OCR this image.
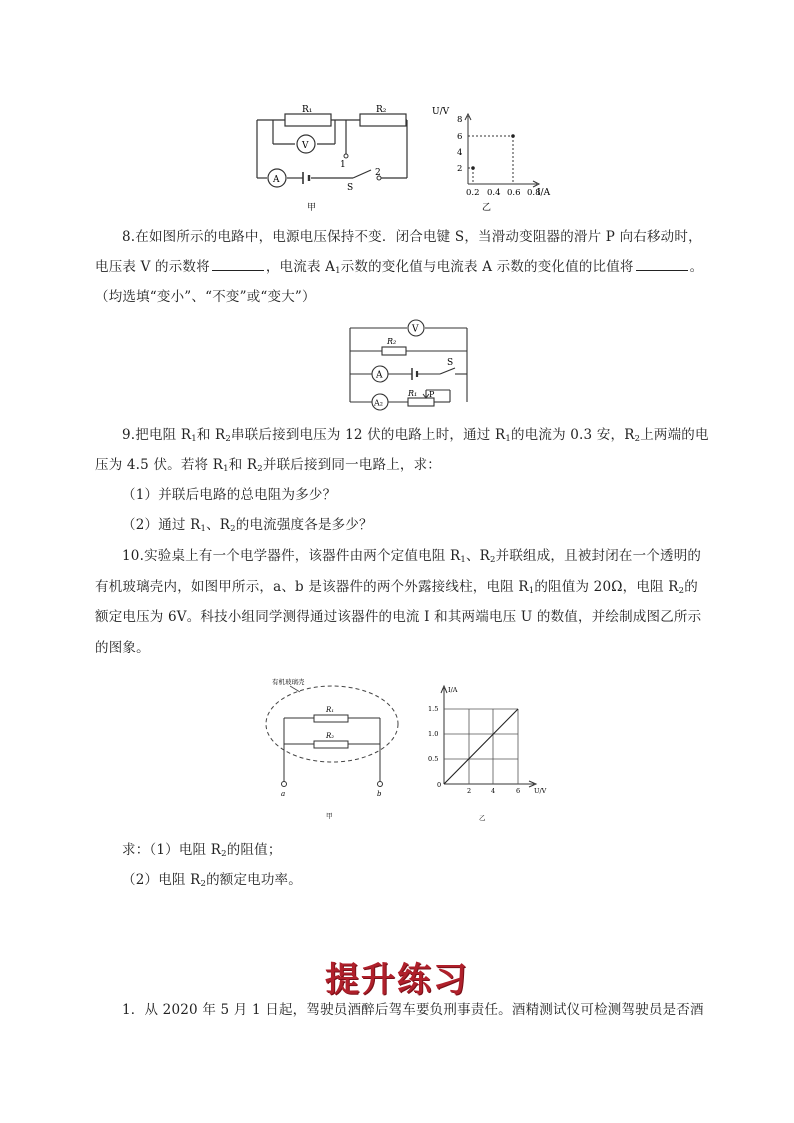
R₁	R₂
V
A
1
2
S
甲
U/V
8
6
4
2
0.2 0.4 0.6 0.8
I/A
乙
8.在如图所示的电路中，电源电压保持不变．闭合电键 S，当滑动变阻器的滑片 P 向右移动时，
电压表 V 的示数将	，电流表 $A_1$示数的变化值与电流表 A 示数的变化值的比值将	。
（均选填“变小”、“不变”或“变大”）
V
R₂
S
A
A₂
R₁ P
9.把电阻 $R_1$和 $R_2$串联后接到电压为 12 伏的电路上时，通过 $R_1$的电流为 0.3 安，$R_2$上两端的电
压为 4.5 伏。若将 $R_1$和 $R_2$并联后接到同一电路上，求：
（1）并联后电路的总电阻为多少？
（2）通过 $R_1$、$R_2$的电流强度各是多少？
10.实验桌上有一个电学器件，该器件由两个定值电阻 $R_1$、$R_2$并联组成，且被封闭在一个透明的
有机玻璃壳内，如图甲所示，a、b 是该器件的两个外露接线柱，电阻 $R_1$的阻值为 20Ω，电阻 $R_2$的
额定电压为 6V。科技小组同学测得通过该器件的电流 I 和其两端电压 U 的数值，并绘制成图乙所示
的图象。
有机玻璃壳
R₁
R₂
a	b
甲
I/A
1.5
1.0
0.5
0
2	4	6 U/V
乙
求：（1）电阻 $R_2$的阻值；
（2）电阻 $R_2$的额定电功率。
提升练习
1．从 2020 年 5 月 1 日起，驾驶员酒醉后驾车要负刑事责任。酒精测试仪可检测驾驶员是否酒
